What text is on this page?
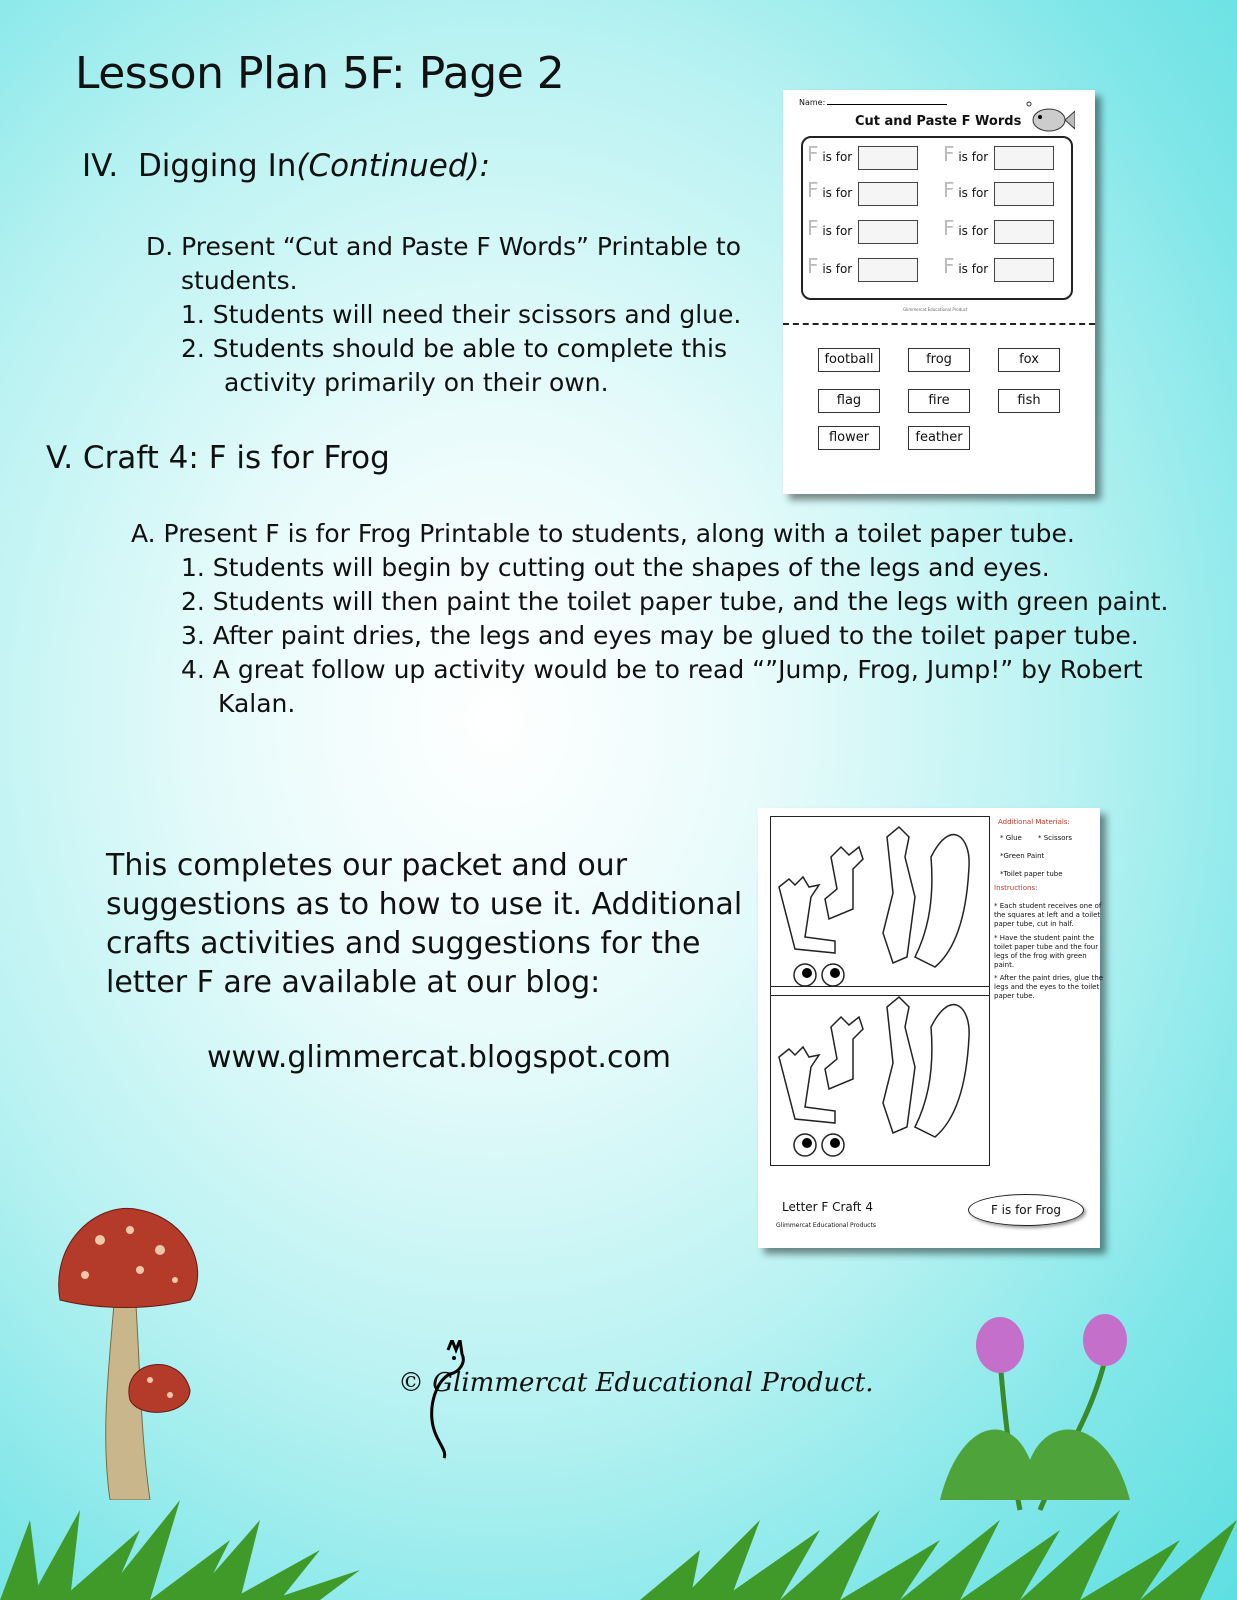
Lesson Plan 5F: Page 2
IV. Digging In(Continued):
D. Present “Cut and Paste F Words” Printable to
students.
1. Students will need their scissors and glue.
2. Students should be able to complete this
activity primarily on their own.
V. Craft 4: F is for Frog
A. Present F is for Frog Printable to students, along with a toilet paper tube.
1. Students will begin by cutting out the shapes of the legs and eyes.
2. Students will then paint the toilet paper tube, and the legs with green paint.
3. After paint dries, the legs and eyes may be glued to the toilet paper tube.
4. A great follow up activity would be to read “”Jump, Frog, Jump!” by Robert
Kalan.
This completes our packet and our
suggestions as to how to use it. Additional
crafts activities and suggestions for the
letter F are available at our blog:
www.glimmercat.blogspot.com
Name:
Cut and Paste F Words
F is for	F is for
F is for	F is for
F is for	F is for
F is for	F is for
Glimmercat Educational Product
football	frog	fox
flag	fire	fish
flower	feather
Additional Materials:
* Glue * Scissors
*Green Paint
*Toilet paper tube
Instructions:
* Each student receives one of
the squares at left and a toilet
paper tube, cut in half.
* Have the student paint the
toilet paper tube and the four
legs of the frog with green
paint.
* After the paint dries, glue the
legs and the eyes to the toilet
paper tube.
Letter F Craft 4
Glimmercat Educational Products
F is for Frog
© Glimmercat Educational Product.
